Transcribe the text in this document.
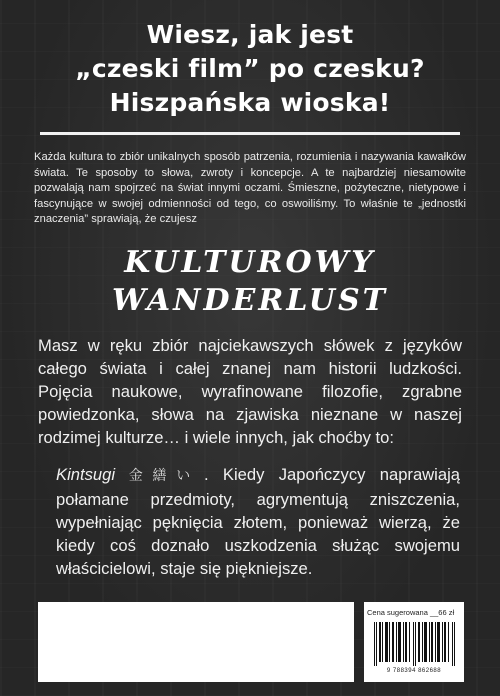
Wiesz, jak jest
„czeski film” po czesku?
Hiszpańska wioska!
Każda kultura to zbiór unikalnych sposób patrzenia, rozumienia i nazywania kawałków świata. Te sposoby to słowa, zwroty i koncepcje. A te najbardziej niesamowite pozwalają nam spojrzeć na świat innymi oczami. Śmieszne, pożyteczne, nietypowe i fascynujące w swojej odmienności od tego, co oswoiliśmy. To właśnie te „jednostki znaczenia” sprawiają, że czujesz
KULTUROWY
WANDERLUST
Masz w ręku zbiór najciekawszych słówek z języków całego świata i całej znanej nam historii ludzkości. Pojęcia naukowe, wyrafinowane filozofie, zgrabne powiedzonka, słowa na zjawiska nieznane w naszej rodzimej kulturze… i wiele innych, jak choćby to:
Kintsugi 金繕い . Kiedy Japończycy naprawiają połamane przedmioty, agrymentują zniszczenia, wypełniając pęknięcia złotem, ponieważ wierzą, że kiedy coś doznało uszkodzenia służąc swojemu właścicielowi, staje się piękniejsze.
Cena sugerowana __66 zł
9 788394 862688
